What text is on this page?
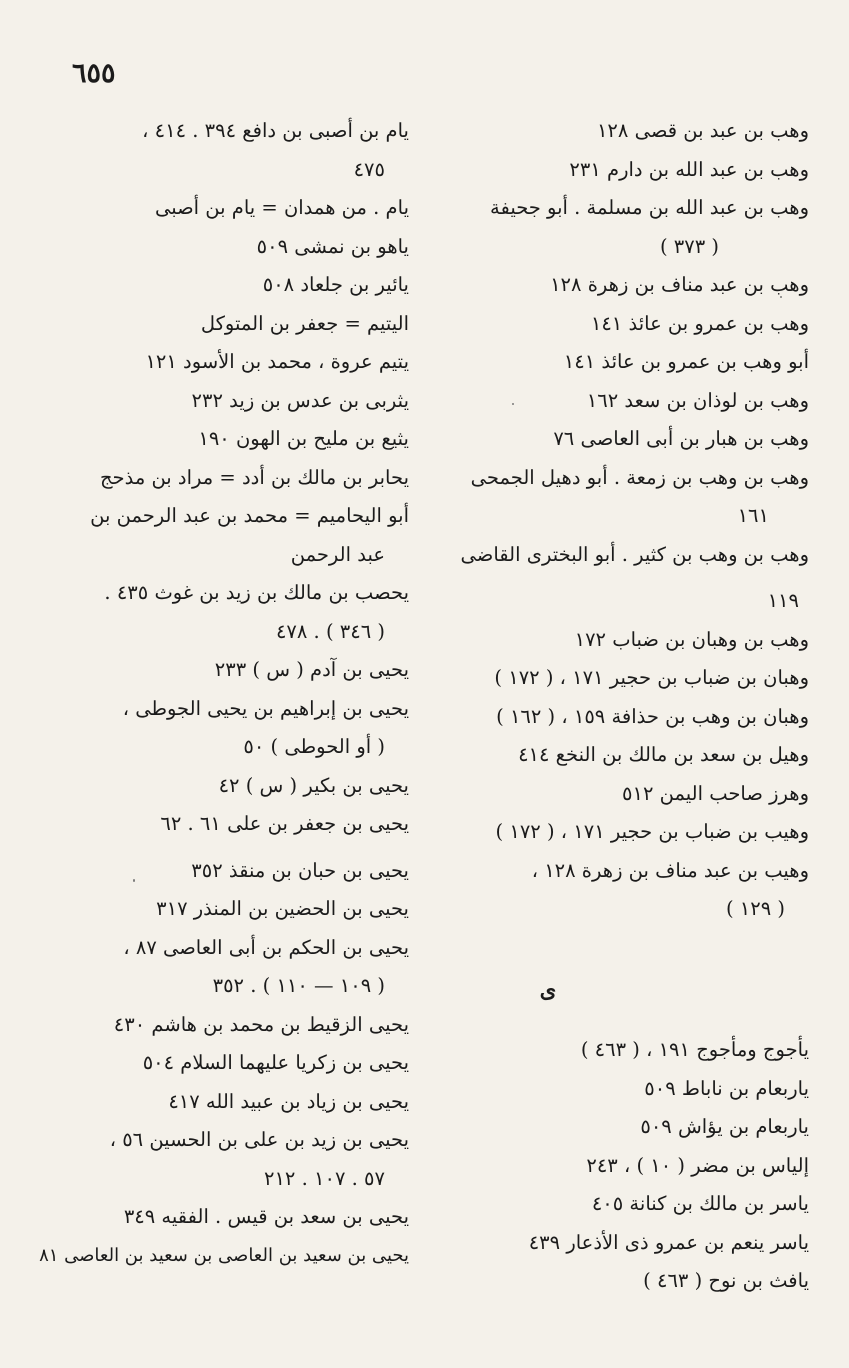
٦٥٥

وهب بن عبد بن قصى ١٢٨

وهب بن عبد الله بن دارم ٢٣١

وهب بن عبد الله بن مسلمة . أبو جحيفة

( ٣٧٣ )

وهب بن عبد مناف بن زهرة ١٢٨

وهب بن عمرو بن عائذ ١٤١

أبو وهب بن عمرو بن عائذ ١٤١

وهب بن لوذان بن سعد ١٦٢

وهب بن هبار بن أبى العاصى ٧٦

وهب بن وهب بن زمعة . أبو دهيل الجمحى

١٦١

وهب بن وهب بن كثير . أبو البخترى القاضى

١١٩

وهب بن وهبان بن ضباب ١٧٢

وهبان بن ضباب بن حجير ١٧١ ، ( ١٧٢ )

وهبان بن وهب بن حذافة ١٥٩ ، ( ١٦٢ )

وهيل بن سعد بن مالك بن النخع ٤١٤

وهرز صاحب اليمن ٥١٢

وهيب بن ضباب بن حجير ١٧١ ، ( ١٧٢ )

وهيب بن عبد مناف بن زهرة ١٢٨ ،

( ١٢٩ )

ى

يأجوج ومأجوج ١٩١ ، ( ٤٦٣ )

ياربعام بن ناباط ٥٠٩

ياربعام بن يؤاش ٥٠٩

إلياس بن مضر ( ١٠ ) ، ٢٤٣

ياسر بن مالك بن كنانة ٤٠٥

ياسر ينعم بن عمرو ذى الأذعار ٤٣٩

يافث بن نوح ( ٤٦٣ )

يام بن أصبى بن دافع ٣٩٤ . ٤١٤ ،

٤٧٥

يام . من همدان = يام بن أصبى

ياهو بن نمشى ٥٠٩

يائير بن جلعاد ٥٠٨

اليتيم = جعفر بن المتوكل

يتيم عروة ، محمد بن الأسود ١٢١

يثربى بن عدس بن زيد ٢٣٢

يثيع بن مليح بن الهون ١٩٠

يحابر بن مالك بن أدد = مراد بن مذحج

أبو اليحاميم = محمد بن عبد الرحمن بن

عبد الرحمن

يحصب بن مالك بن زيد بن غوث ٤٣٥ .

( ٣٤٦ ) . ٤٧٨

يحيى بن آدم ( س ) ٢٣٣

يحيى بن إبراهيم بن يحيى الجوطى ،

( أو الحوطى ) ٥٠

يحيى بن بكير ( س ) ٤٢

يحيى بن جعفر بن على ٦١ . ٦٢

يحيى بن حبان بن منقذ ٣٥٢

يحيى بن الحضين بن المنذر ٣١٧

يحيى بن الحكم بن أبى العاصى ٨٧ ،

( ١٠٩ — ١١٠ ) . ٣٥٢

يحيى الزقيط بن محمد بن هاشم ٤٣٠

يحيى بن زكريا عليهما السلام ٥٠٤

يحيى بن زياد بن عبيد الله ٤١٧

يحيى بن زيد بن على بن الحسين ٥٦ ،

٥٧ . ١٠٧ . ٢١٢

يحيى بن سعد بن قيس . الفقيه ٣٤٩

يحيى بن سعيد بن العاصى بن سعيد بن العاصى ٨١
